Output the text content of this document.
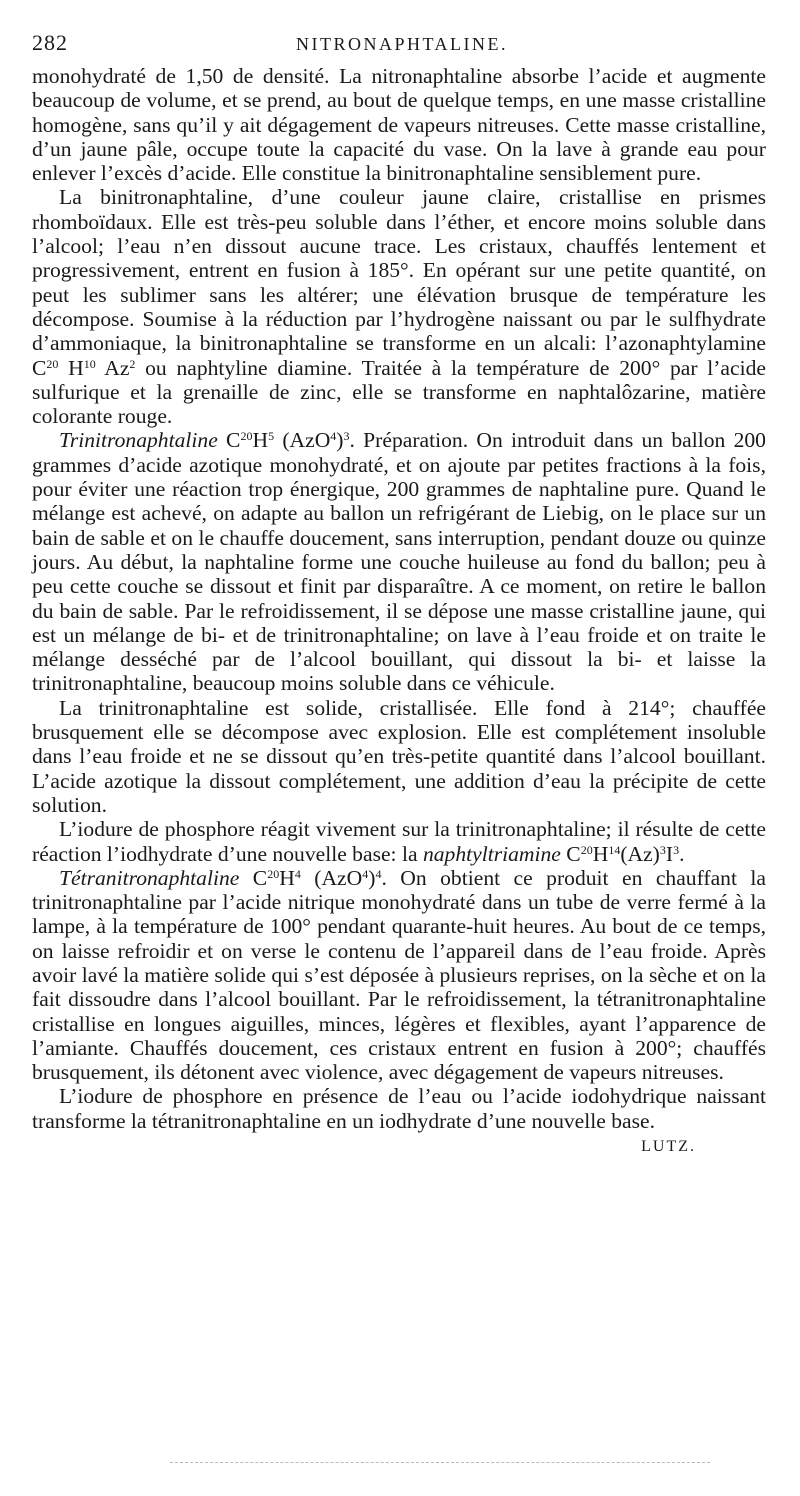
282	NITRONAPHTALINE.

monohydraté de 1,50 de densité. La nitronaphtaline absorbe l’acide et augmente beaucoup de volume, et se prend, au bout de quelque temps, en une masse cristalline homogène, sans qu’il y ait dégagement de vapeurs nitreuses. Cette masse cristalline, d’un jaune pâle, occupe toute la capacité du vase. On la lave à grande eau pour enlever l’excès d’acide. Elle constitue la binitronaphtaline sensiblement pure.

La binitronaphtaline, d’une couleur jaune claire, cristallise en prismes rhomboïdaux. Elle est très-peu soluble dans l’éther, et encore moins soluble dans l’alcool; l’eau n’en dissout aucune trace. Les cristaux, chauffés lentement et progressivement, entrent en fusion à 185°. En opérant sur une petite quantité, on peut les sublimer sans les altérer; une élévation brusque de température les décompose. Soumise à la réduction par l’hydrogène naissant ou par le sulfhydrate d’ammoniaque, la binitronaphtaline se transforme en un alcali: l’azonaphtylamine $C^{20}$ $H^{10}$ Az$^2$ ou naphtyline diamine. Traitée à la température de 200° par l’acide sulfurique et la grenaille de zinc, elle se transforme en naphtalôzarine, matière colorante rouge.

Trinitronaphtaline $C^{20}H^5$ $(AzO^4)^3$. Préparation. On introduit dans un ballon 200 grammes d’acide azotique monohydraté, et on ajoute par petites fractions à la fois, pour éviter une réaction trop énergique, 200 grammes de naphtaline pure. Quand le mélange est achevé, on adapte au ballon un refrigérant de Liebig, on le place sur un bain de sable et on le chauffe doucement, sans interruption, pendant douze ou quinze jours. Au début, la naphtaline forme une couche huileuse au fond du ballon; peu à peu cette couche se dissout et finit par disparaître. A ce moment, on retire le ballon du bain de sable. Par le refroidissement, il se dépose une masse cristalline jaune, qui est un mélange de bi- et de trinitronaphtaline; on lave à l’eau froide et on traite le mélange desséché par de l’alcool bouillant, qui dissout la bi- et laisse la trinitronaphtaline, beaucoup moins soluble dans ce véhicule.

La trinitronaphtaline est solide, cristallisée. Elle fond à 214°; chauffée brusquement elle se décompose avec explosion. Elle est complétement insoluble dans l’eau froide et ne se dissout qu’en très-petite quantité dans l’alcool bouillant. L’acide azotique la dissout complétement, une addition d’eau la précipite de cette solution.

L’iodure de phosphore réagit vivement sur la trinitronaphtaline; il résulte de cette réaction l’iodhydrate d’une nouvelle base: la naphtyltriamine $C^{20}H^{14}(Az)^3I^3$.

Tétranitronaphtaline $C^{20}H^4$ $(AzO^4)^4$. On obtient ce produit en chauffant la trinitronaphtaline par l’acide nitrique monohydraté dans un tube de verre fermé à la lampe, à la température de 100° pendant quarante-huit heures. Au bout de ce temps, on laisse refroidir et on verse le contenu de l’appareil dans de l’eau froide. Après avoir lavé la matière solide qui s’est déposée à plusieurs reprises, on la sèche et on la fait dissoudre dans l’alcool bouillant. Par le refroidissement, la tétranitronaphtaline cristallise en longues aiguilles, minces, légères et flexibles, ayant l’apparence de l’amiante. Chauffés doucement, ces cristaux entrent en fusion à 200°; chauffés brusquement, ils détonent avec violence, avec dégagement de vapeurs nitreuses.

L’iodure de phosphore en présence de l’eau ou l’acide iodohydrique naissant transforme la tétranitronaphtaline en un iodhydrate d’une nouvelle base.

LUTZ.
